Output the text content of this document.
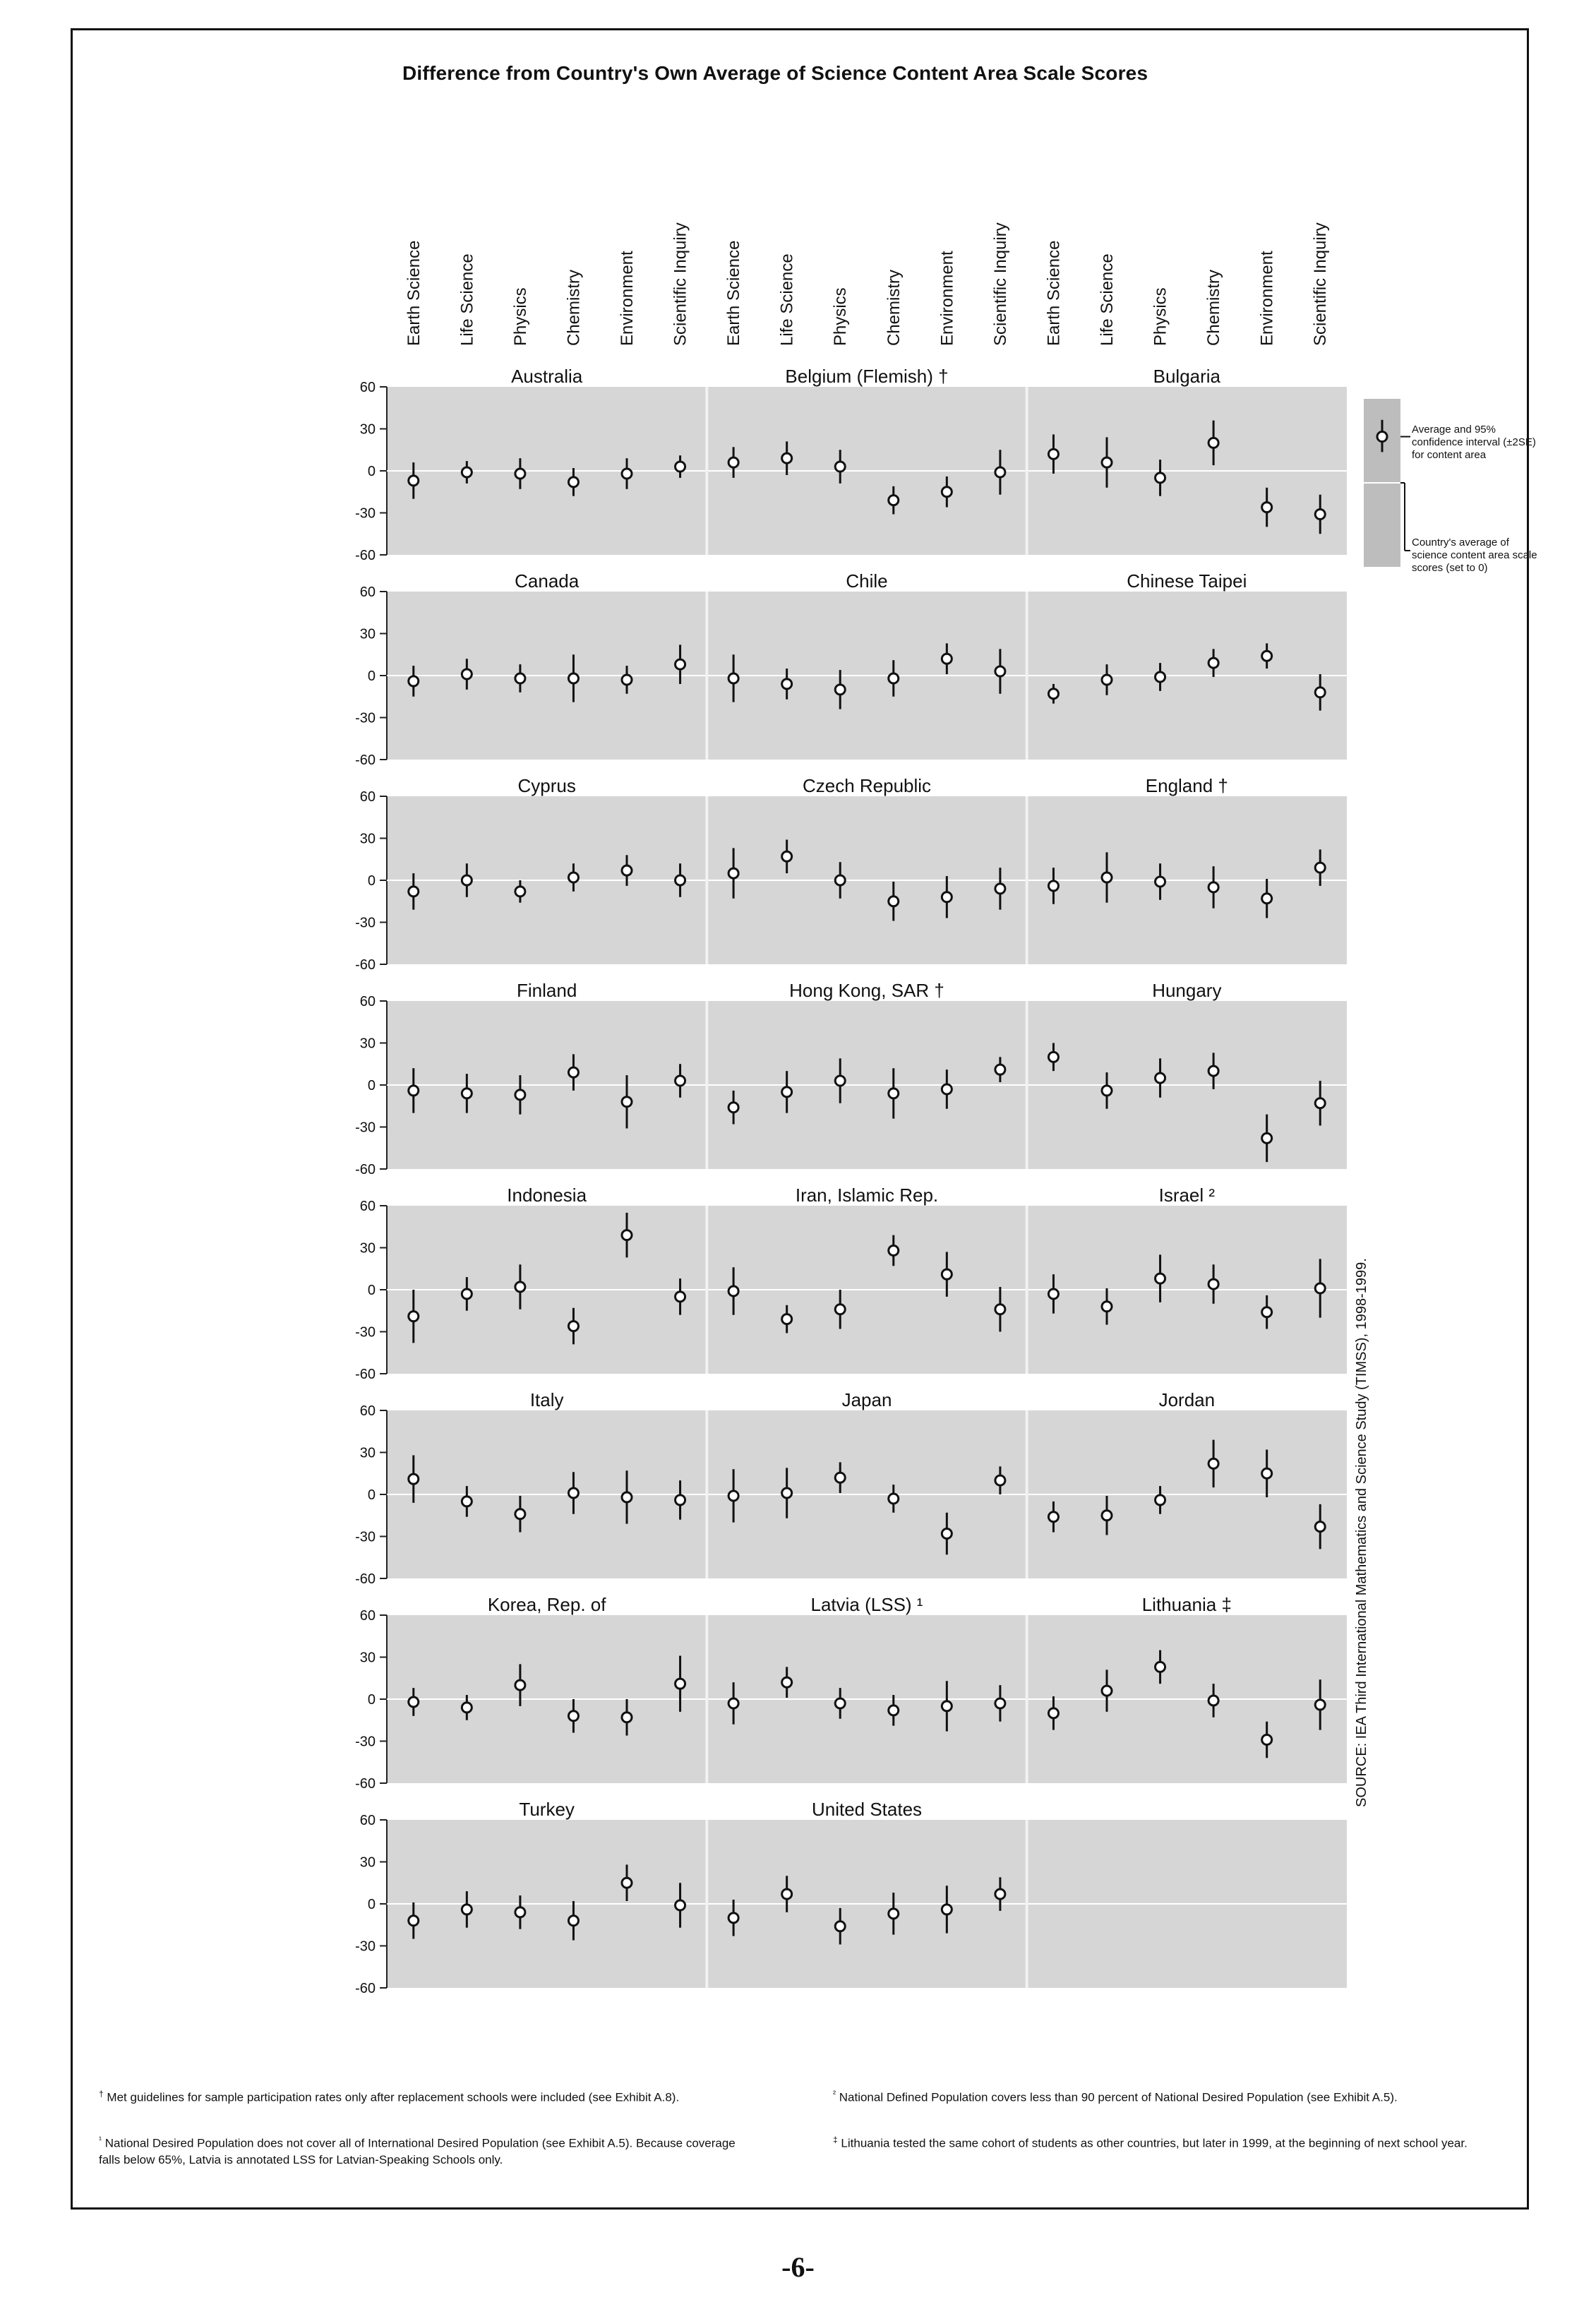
Difference from Country's Own Average of Science Content Area Scale Scores
Earth Science Life Science Physics Chemistry Environment Scientific Inquiry Earth Science Life Science Physics Chemistry Environment Scientific Inquiry Earth Science Life Science Physics Chemistry Environment Scientific Inquiry
60
30
0
-30
-60
Australia	Belgium (Flemish) †	Bulgaria
60
30
0
-30
-60
Canada	Chile	Chinese Taipei
60
30
0
-30
-60
Cyprus	Czech Republic	England †
60
30
0
-30
-60
Finland	Hong Kong, SAR †	Hungary
60
30
0
-30
-60
Indonesia	Iran, Islamic Rep.	Israel ²
60
30
0
-30
-60
Italy	Japan	Jordan
60
30
0
-30
-60
Korea, Rep. of	Latvia (LSS) ¹	Lithuania ‡
60
30
0
-30
-60
Turkey	United States
Average and 95% confidence interval (±2SE) for content area
Country's average of science content area scale scores (set to 0)
SOURCE: IEA Third International Mathematics and Science Study (TIMSS), 1998-1999.
† Met guidelines for sample participation rates only after replacement schools were included (see Exhibit A.8).
$^{^1}$ National Desired Population does not cover all of International Desired Population (see Exhibit A.5). Because coverage falls below 65%, Latvia is annotated LSS for Latvian-Speaking Schools only.
$^{^2}$ National Defined Population covers less than 90 percent of National Desired Population (see Exhibit A.5).
‡ Lithuania tested the same cohort of students as other countries, but later in 1999, at the beginning of next school year.
-6-
